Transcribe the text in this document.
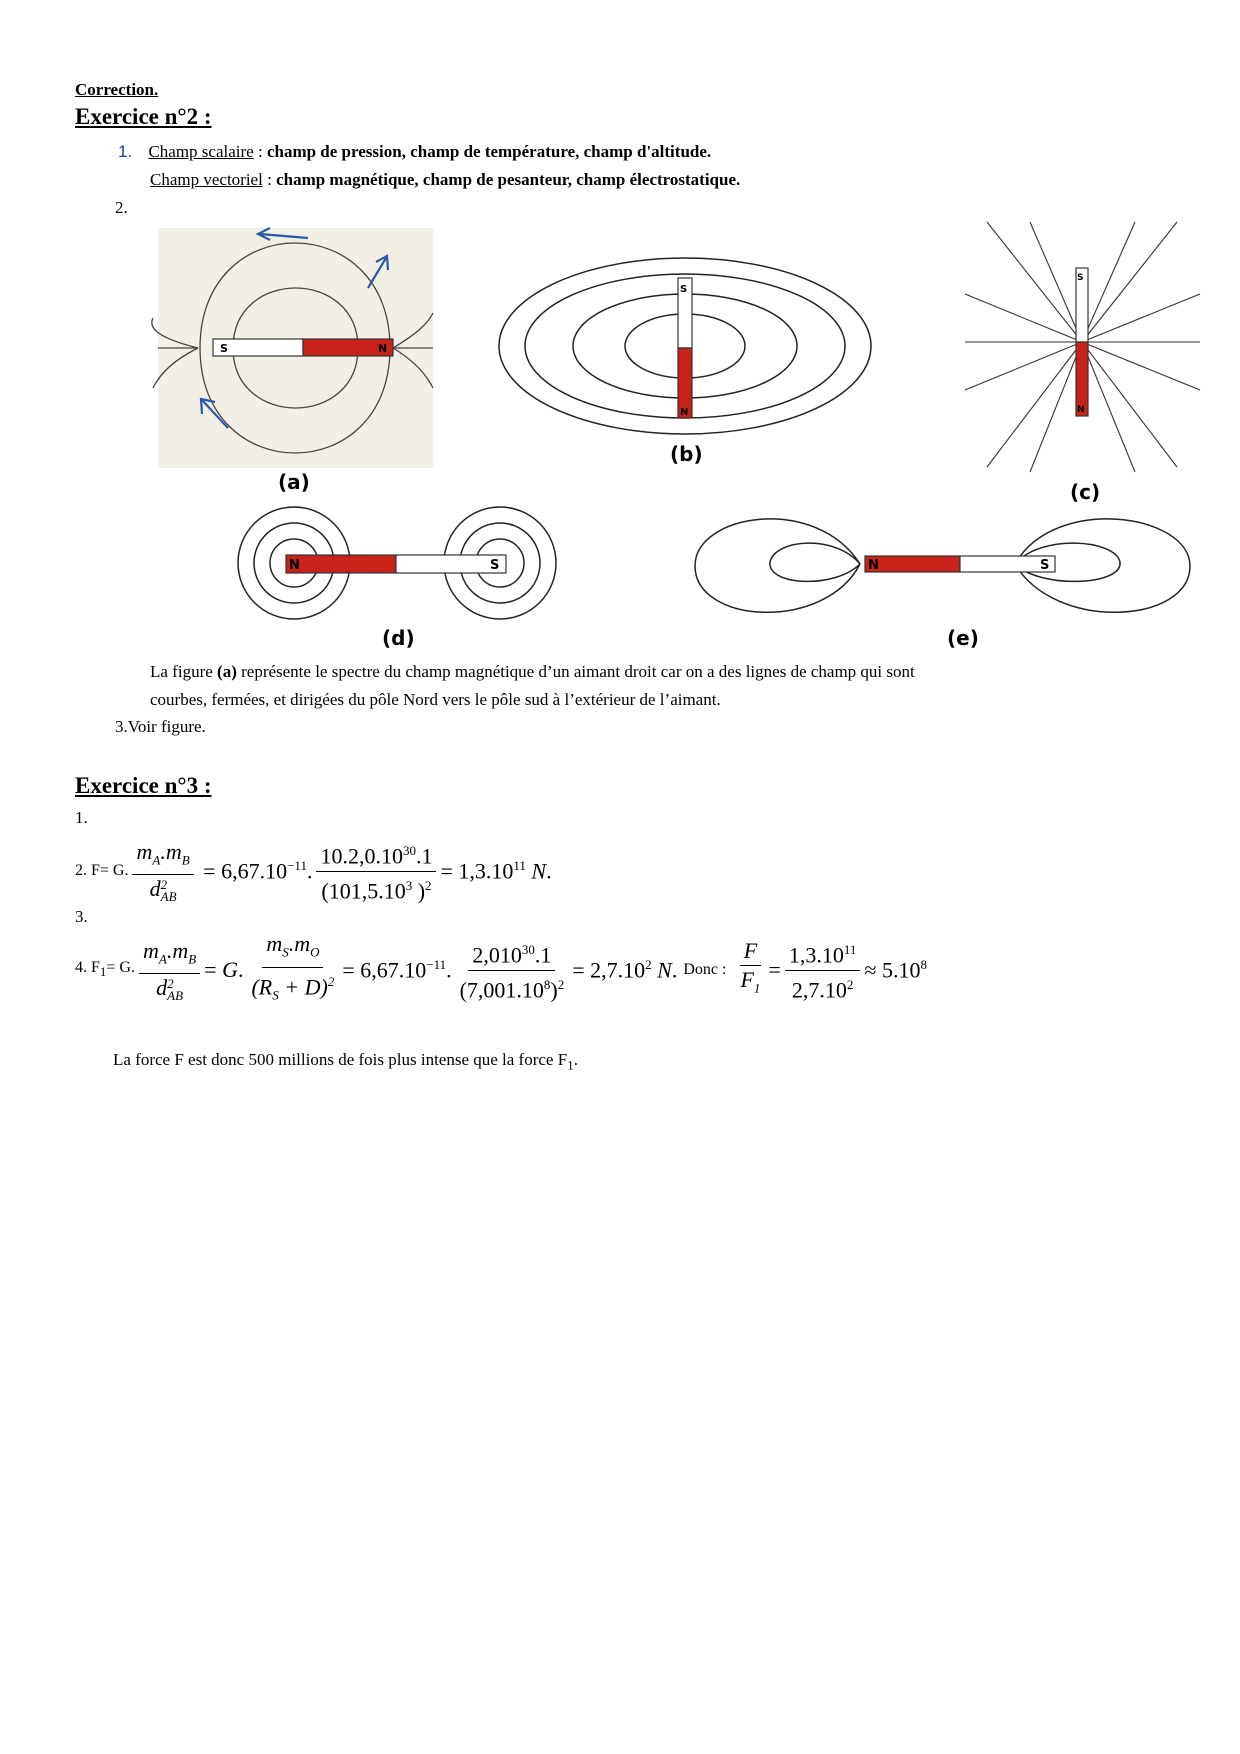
Correction.
Exercice n°2 :
1. Champ scalaire : champ de pression, champ de température, champ d'altitude.
Champ vectoriel : champ magnétique, champ de pesanteur, champ électrostatique.
2.
S	N
(a)
S
N
(b)
S
N
(c)
N	S
(d)
N	S
(e)
La figure (a) représente le spectre du champ magnétique d’un aimant droit car on a des lignes de champ qui sont
courbes, fermées, et dirigées du pôle Nord vers le pôle sud à l’extérieur de l’aimant.
3.Voir figure.
Exercice n°3 :
1.
2. F= G. $m_A.m_B$
d 2
AB = $6,67.10^{-11}$. $\frac{10.2,0.10^{30}.1}{(101,5.10^3 )^2} = 1,3.10^{11}$ N.
3.
4. $F_1= G$. $m_A.m_B$
d 2
AB = G. $\frac{m_S.m_O}{(R_S + D)^2} = 6,67.10^{-11}$. $\frac{2,010^{30}.1}{(7,001.10^8)^2} = 2,7.10^2$ N. Donc : $\frac{F}{F_1} = \frac{1,3.10^{11}}{2,7.10^2} \approx 5.10^8$
La force F est donc 500 millions de fois plus intense que la force $F_1$.
